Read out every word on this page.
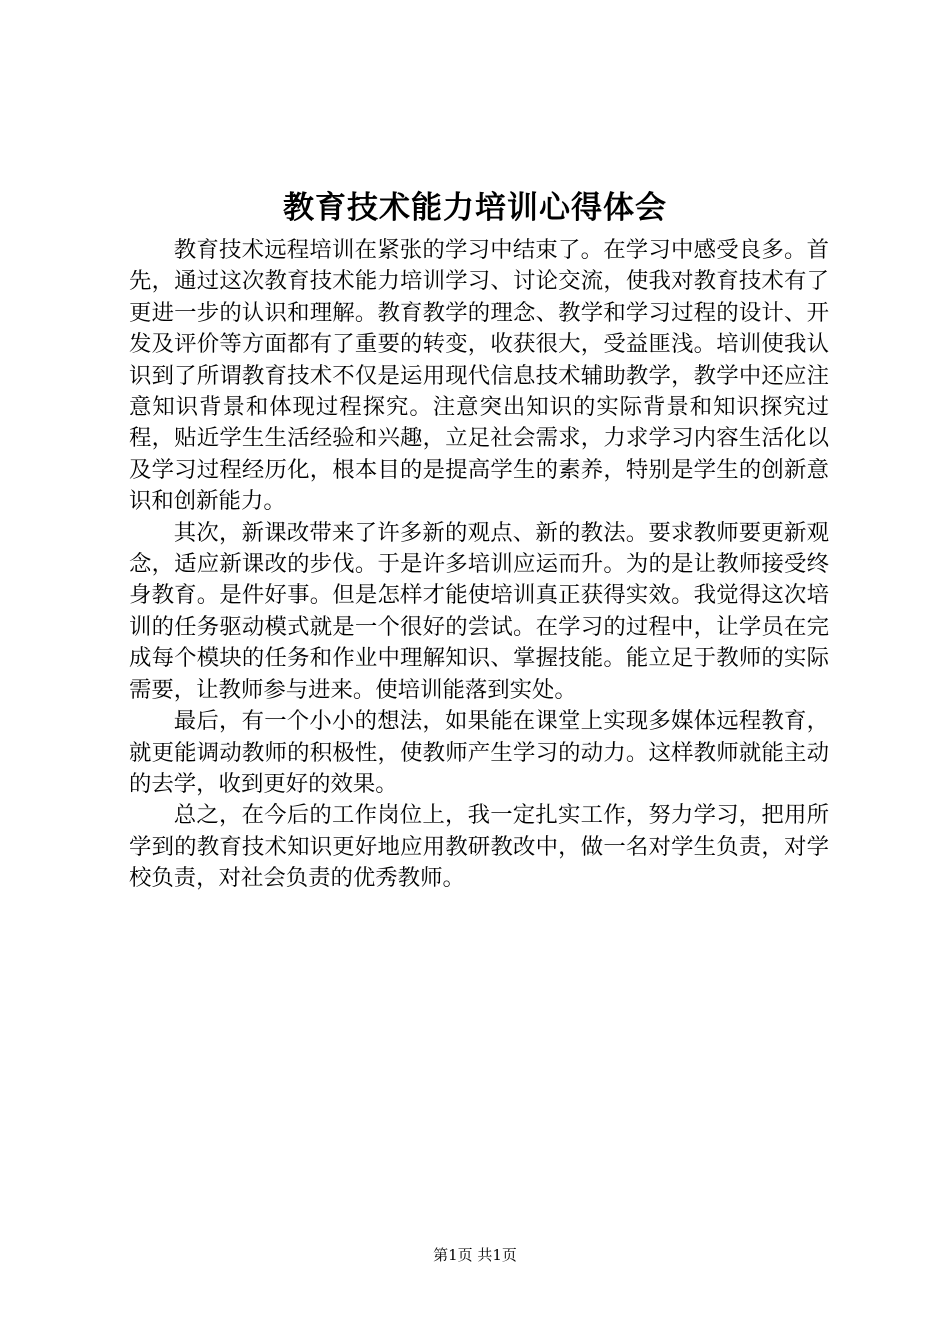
教育技术能力培训心得体会

教育技术远程培训在紧张的学习中结束了。在学习中感受良多。首先，通过这次教育技术能力培训学习、讨论交流，使我对教育技术有了更进一步的认识和理解。教育教学的理念、教学和学习过程的设计、开发及评价等方面都有了重要的转变，收获很大，受益匪浅。培训使我认识到了所谓教育技术不仅是运用现代信息技术辅助教学，教学中还应注意知识背景和体现过程探究。注意突出知识的实际背景和知识探究过程，贴近学生生活经验和兴趣，立足社会需求，力求学习内容生活化以及学习过程经历化，根本目的是提高学生的素养，特别是学生的创新意识和创新能力。

其次，新课改带来了许多新的观点、新的教法。要求教师要更新观念，适应新课改的步伐。于是许多培训应运而升。为的是让教师接受终身教育。是件好事。但是怎样才能使培训真正获得实效。我觉得这次培训的任务驱动模式就是一个很好的尝试。在学习的过程中，让学员在完成每个模块的任务和作业中理解知识、掌握技能。能立足于教师的实际需要，让教师参与进来。使培训能落到实处。

最后，有一个小小的想法，如果能在课堂上实现多媒体远程教育，就更能调动教师的积极性，使教师产生学习的动力。这样教师就能主动的去学，收到更好的效果。

总之，在今后的工作岗位上，我一定扎实工作，努力学习，把用所学到的教育技术知识更好地应用教研教改中，做一名对学生负责，对学校负责，对社会负责的优秀教师。

第1页 共1页
